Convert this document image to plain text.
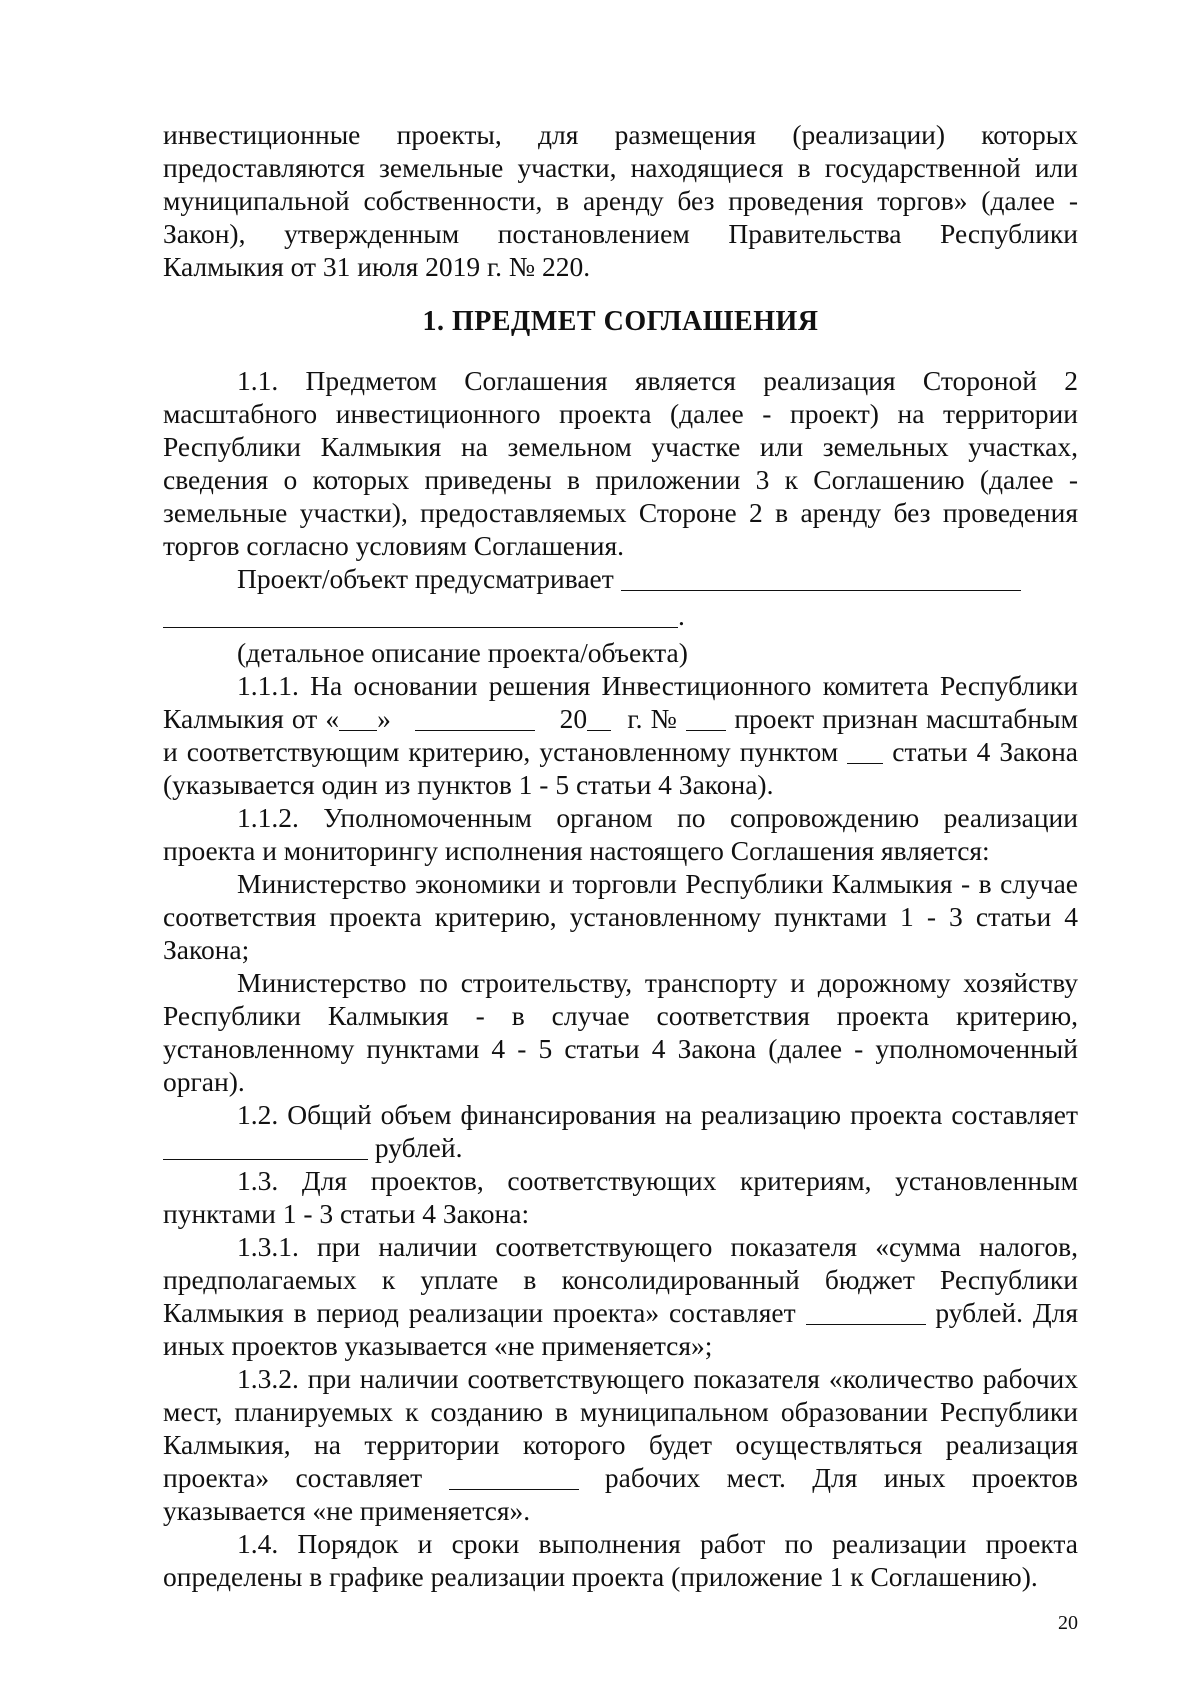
инвестиционные проекты, для размещения (реализации) которых предоставляются земельные участки, находящиеся в государственной или муниципальной собственности, в аренду без проведения торгов» (далее - Закон), утвержденным постановлением Правительства Республики Калмыкия от 31 июля 2019 г. № 220.

1. ПРЕДМЕТ СОГЛАШЕНИЯ

1.1. Предметом Соглашения является реализация Стороной 2 масштабного инвестиционного проекта (далее - проект) на территории Республики Калмыкия на земельном участке или земельных участках, сведения о которых приведены в приложении 3 к Соглашению (далее - земельные участки), предоставляемых Стороне 2 в аренду без проведения торгов согласно условиям Соглашения.

Проект/объект предусматривает

.

(детальное описание проекта/объекта)

1.1.1. На основании решения Инвестиционного комитета Республики Калмыкия от « »	20 г. № проект признан масштабным и соответствующим критерию, установленному пунктом статьи 4 Закона (указывается один из пунктов 1 - 5 статьи 4 Закона).

1.1.2. Уполномоченным органом по сопровождению реализации проекта и мониторингу исполнения настоящего Соглашения является:

Министерство экономики и торговли Республики Калмыкия - в случае соответствия проекта критерию, установленному пунктами 1 - 3 статьи 4 Закона;

Министерство по строительству, транспорту и дорожному хозяйству Республики Калмыкия - в случае соответствия проекта критерию, установленному пунктами 4 - 5 статьи 4 Закона (далее - уполномоченный орган).

1.2. Общий объем финансирования на реализацию проекта составляет  рублей.

1.3. Для проектов, соответствующих критериям, установленным пунктами 1 - 3 статьи 4 Закона:

1.3.1. при наличии соответствующего показателя «сумма налогов, предполагаемых к уплате в консолидированный бюджет Республики Калмыкия в период реализации проекта» составляет	рублей. Для иных проектов указывается «не применяется»;

1.3.2. при наличии соответствующего показателя «количество рабочих мест, планируемых к созданию в муниципальном образовании Республики Калмыкия, на территории которого будет осуществляться реализация проекта» составляет	рабочих мест. Для иных проектов указывается «не применяется».

1.4. Порядок и сроки выполнения работ по реализации проекта определены в графике реализации проекта (приложение 1 к Соглашению).

20
